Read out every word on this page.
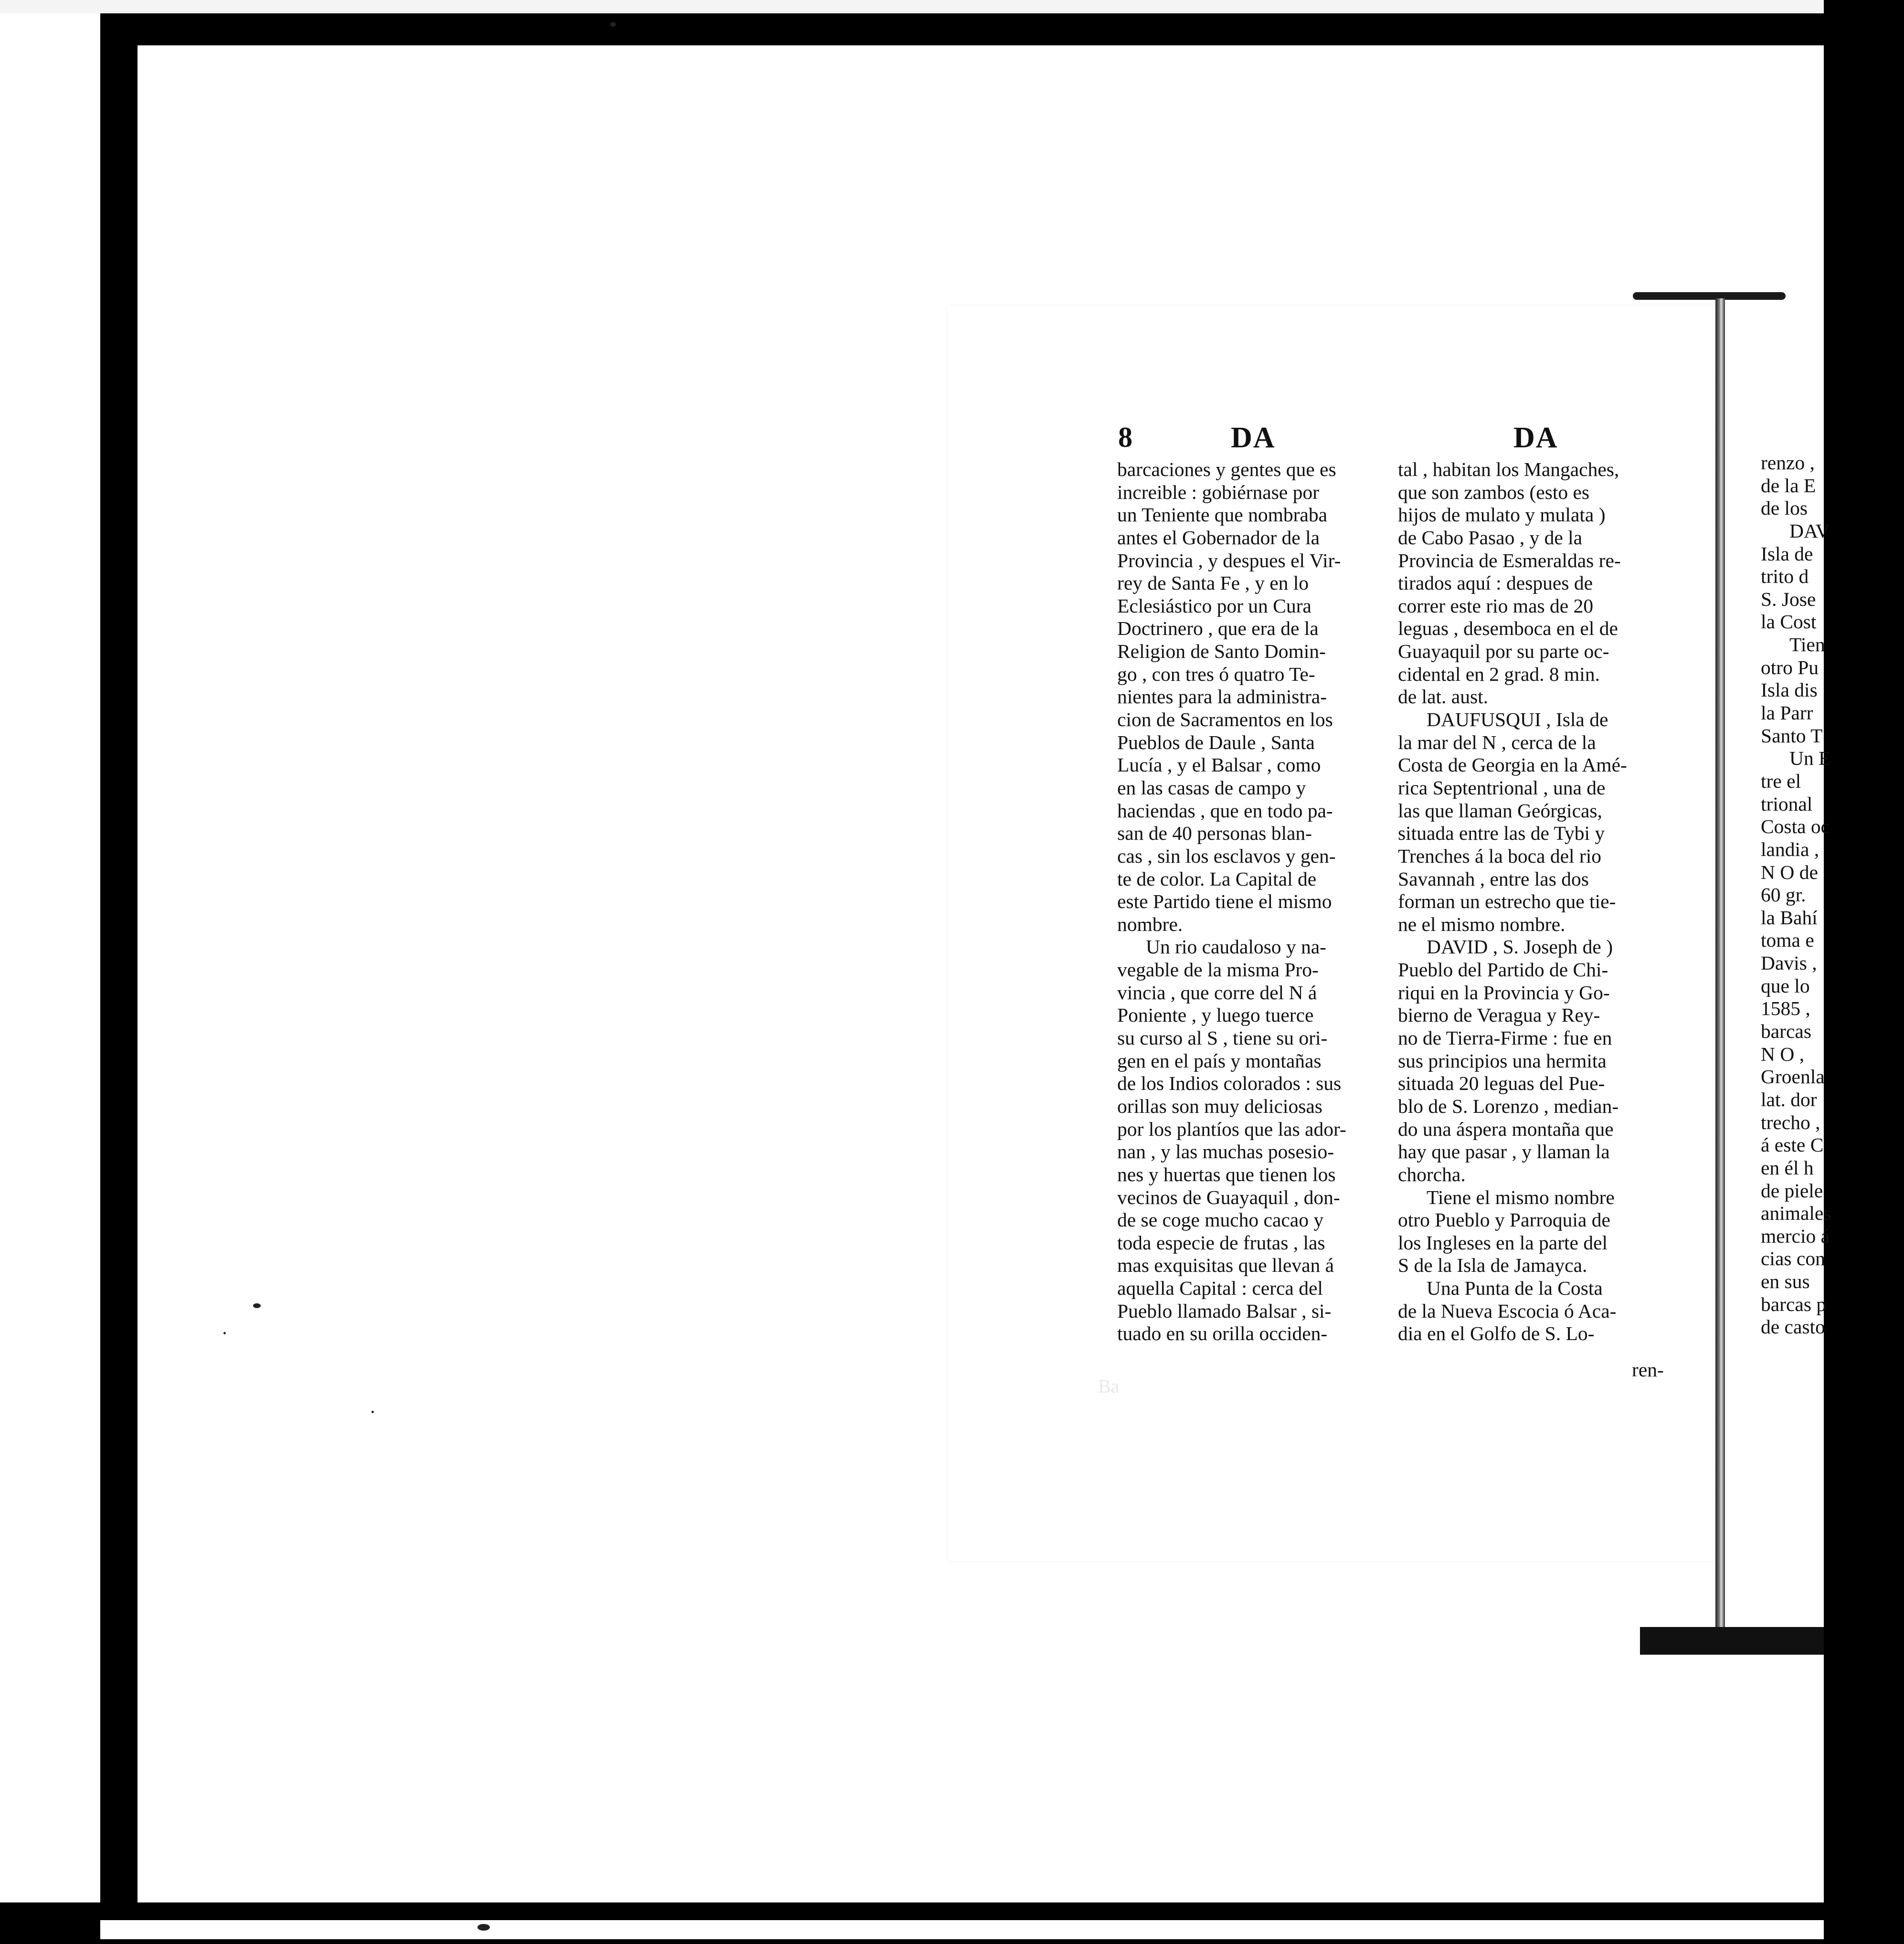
8	DA	DA
barcaciones y gentes que es
increible : gobiérnase por
un Teniente que nombraba
antes el Gobernador de la
Provincia , y despues el Vir-
rey de Santa Fe , y en lo
Eclesiástico por un Cura
Doctrinero , que era de la
Religion de Santo Domin-
go , con tres ó quatro Te-
nientes para la administra-
cion de Sacramentos en los
Pueblos de Daule , Santa
Lucía , y el Balsar , como
en las casas de campo y
haciendas , que en todo pa-
san de 40 personas blan-
cas , sin los esclavos y gen-
te de color. La Capital de
este Partido tiene el mismo
nombre.
Un rio caudaloso y na-
vegable de la misma Pro-
vincia , que corre del N á
Poniente , y luego tuerce
su curso al S , tiene su ori-
gen en el país y montañas
de los Indios colorados : sus
orillas son muy deliciosas
por los plantíos que las ador-
nan , y las muchas posesio-
nes y huertas que tienen los
vecinos de Guayaquil , don-
de se coge mucho cacao y
toda especie de frutas , las
mas exquisitas que llevan á
aquella Capital : cerca del
Pueblo llamado Balsar , si-
tuado en su orilla occiden-
tal , habitan los Mangaches,
que son zambos (esto es
hijos de mulato y mulata )
de Cabo Pasao , y de la
Provincia de Esmeraldas re-
tirados aquí : despues de
correr este rio mas de 20
leguas , desemboca en el de
Guayaquil por su parte oc-
cidental en 2 grad. 8 min.
de lat. aust.
DAUFUSQUI , Isla de
la mar del N , cerca de la
Costa de Georgia en la Amé-
rica Septentrional , una de
las que llaman Geórgicas,
situada entre las de Tybi y
Trenches á la boca del rio
Savannah , entre las dos
forman un estrecho que tie-
ne el mismo nombre.
DAVID , S. Joseph de )
Pueblo del Partido de Chi-
riqui en la Provincia y Go-
bierno de Veragua y Rey-
no de Tierra-Firme : fue en
sus principios una hermita
situada 20 leguas del Pue-
blo de S. Lorenzo , median-
do una áspera montaña que
hay que pasar , y llaman la
chorcha.
Tiene el mismo nombre
otro Pueblo y Parroquia de
los Ingleses en la parte del
S de la Isla de Jamayca.
Una Punta de la Costa
de la Nueva Escocia ó Aca-
dia en el Golfo de S. Lo-
ren-
Ba
renzo ,
de la E
de los
DAV
Isla de
trito d
S. Jose
la Cost
Tien
otro Pu
Isla dis
la Parr
Santo T
Un E
tre el
trional
Costa oc
landia ,
N O de
60 gr.
la Bahí
toma e
Davis ,
que lo
1585 ,
barcas
N O ,
Groenla
lat. dor
trecho ,
á este C
en él h
de piele
animales
mercio á
cias con
en sus
barcas p
de casto
